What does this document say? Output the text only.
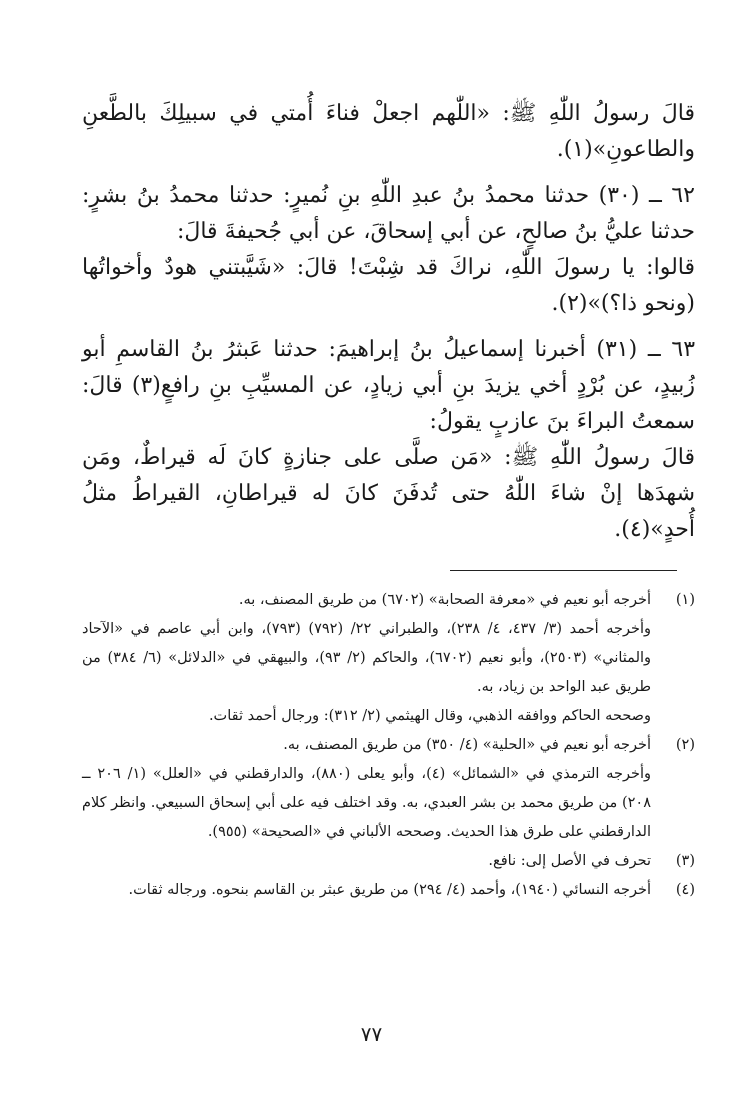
قالَ رسولُ اللّٰهِ ﷺ: «اللّٰهم اجعلْ فناءَ أُمتي في سبيلِكَ بالطَّعنِ والطاعونِ»(١).

٦٢ ــ (٣٠) حدثنا محمدُ بنُ عبدِ اللّٰهِ بنِ نُميرٍ: حدثنا محمدُ بنُ بشرٍ: حدثنا عليُّ بنُ صالحٍ، عن أبي إسحاقَ، عن أبي جُحيفةَ قالَ:

قالوا: يا رسولَ اللّٰهِ، نراكَ قد شِبْتَ! قالَ: «شَيَّبتني هودٌ وأخواتُها (ونحو ذا؟)»(٢).

٦٣ ــ (٣١) أخبرنا إسماعيلُ بنُ إبراهيمَ: حدثنا عَبثرُ بنُ القاسمِ أبو زُبيدٍ، عن بُرْدٍ أخي يزيدَ بنِ أبي زيادٍ، عن المسيِّبِ بنِ رافعٍ(٣) قالَ: سمعتُ البراءَ بنَ عازبٍ يقولُ:

قالَ رسولُ اللّٰهِ ﷺ: «مَن صلَّى على جنازةٍ كانَ لَه قيراطٌ، ومَن شهدَها إنْ شاءَ اللّٰهُ حتى تُدفَنَ كانَ له قيراطانِ، القيراطُ مثلُ أُحدٍ»(٤).

(١)
أخرجه أبو نعيم في «معرفة الصحابة» (٦٧٠٢) من طريق المصنف، به.
وأخرجه أحمد (٣/ ٤٣٧، ٤/ ٢٣٨)، والطبراني ٢٢/ (٧٩٢) (٧٩٣)، وابن أبي عاصم في «الآحاد والمثاني» (٢٥٠٣)، وأبو نعيم (٦٧٠٢)، والحاكم (٢/ ٩٣)، والبيهقي في «الدلائل» (٦/ ٣٨٤) من طريق عبد الواحد بن زياد، به.
وصححه الحاكم ووافقه الذهبي، وقال الهيثمي (٢/ ٣١٢): ورجال أحمد ثقات.
(٢)
أخرجه أبو نعيم في «الحلية» (٤/ ٣٥٠) من طريق المصنف، به.
وأخرجه الترمذي في «الشمائل» (٤)، وأبو يعلى (٨٨٠)، والدارقطني في «العلل» (١/ ٢٠٦ ــ ٢٠٨) من طريق محمد بن بشر العبدي، به. وقد اختلف فيه على أبي إسحاق السبيعي. وانظر كلام الدارقطني على طرق هذا الحديث. وصححه الألباني في «الصحيحة» (٩٥٥).
(٣)
تحرف في الأصل إلى: نافع.
(٤)
أخرجه النسائي (١٩٤٠)، وأحمد (٤/ ٢٩٤) من طريق عبثر بن القاسم بنحوه. ورجاله ثقات.
٧٧
